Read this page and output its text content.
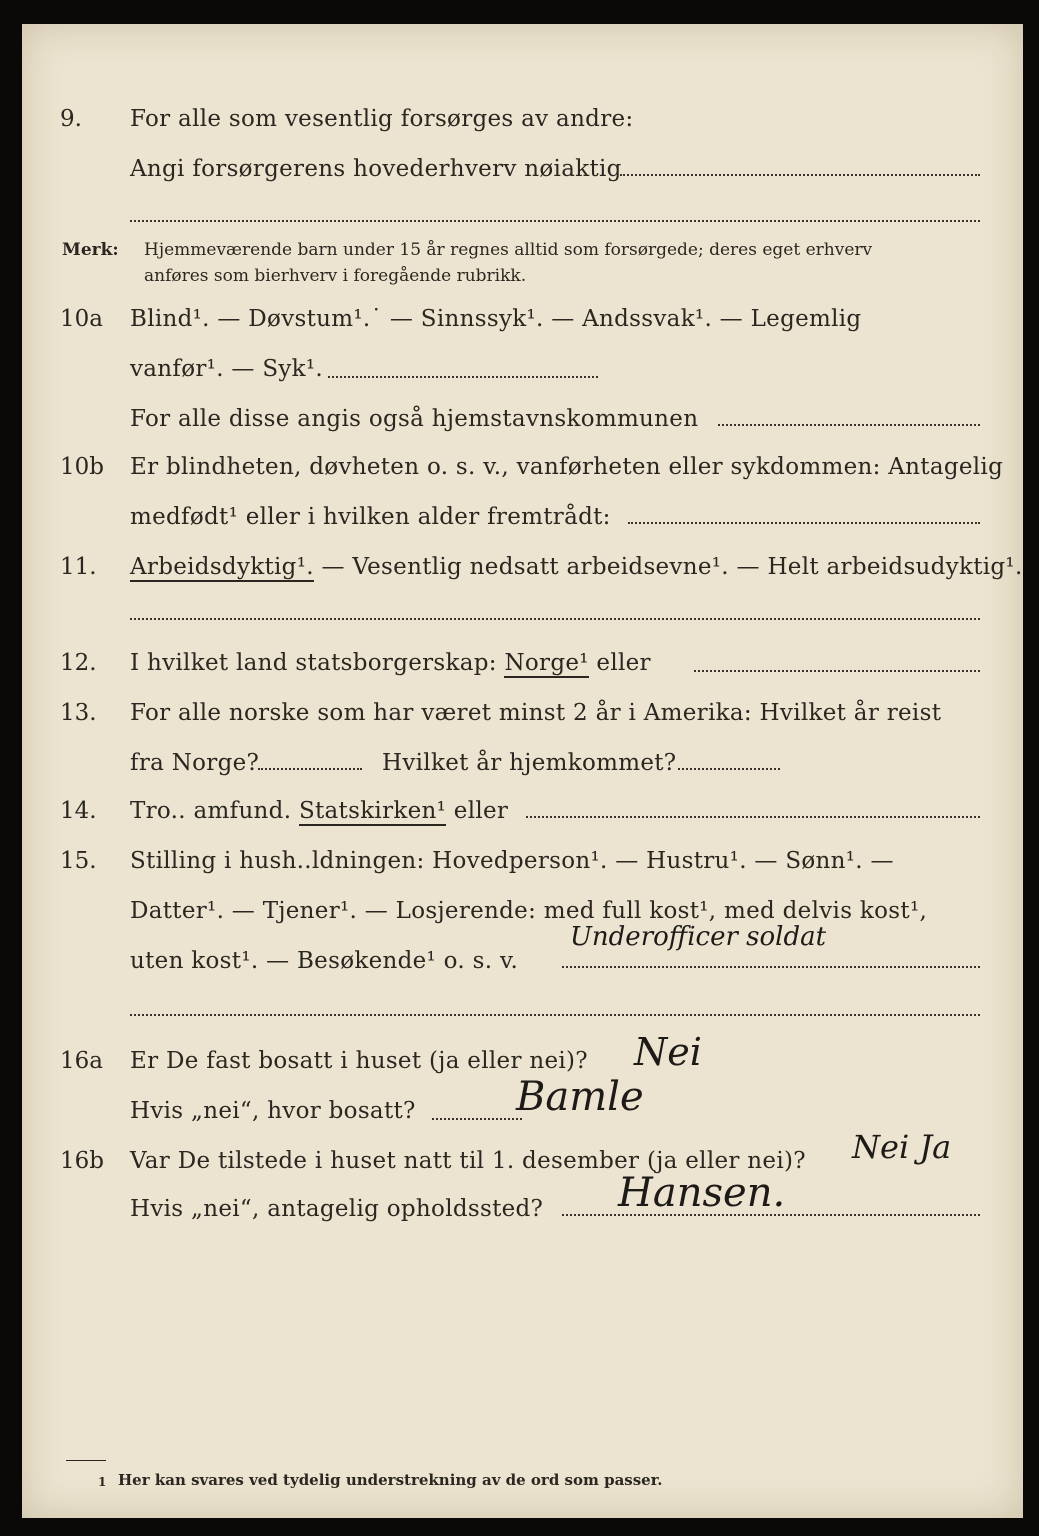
9. For alle som vesentlig forsørges av andre:
Angi forsørgerens hovederhverv nøiaktig
Merk: Hjemmeværende barn under 15 år regnes alltid som forsørgede; deres eget erhverv
anføres som bierhverv i foregående rubrikk.
10a Blind¹. — Døvstum¹.˙ — Sinnssyk¹. — Andssvak¹. — Legemlig
vanfør¹. — Syk¹.
For alle disse angis også hjemstavnskommunen
10b Er blindheten, døvheten o. s. v., vanførheten eller sykdommen: Antagelig
medfødt¹ eller i hvilken alder fremtrådt:
11. Arbeidsdyktig¹. — Vesentlig nedsatt arbeidsevne¹. — Helt arbeidsudyktig¹.
12. I hvilket land statsborgerskap: Norge¹ eller
13. For alle norske som har været minst 2 år i Amerika: Hvilket år reist
fra Norge?	Hvilket år hjemkommet?
14. Tro.. amfund. Statskirken¹ eller
15. Stilling i hush..ldningen: Hovedperson¹. — Hustru¹. — Sønn¹. —
Datter¹. — Tjener¹. — Losjerende: med full kost¹, med delvis kost¹,
uten kost¹. — Besøkende¹ o. s. v.
Underofficer soldat
16a Er De fast bosatt i huset (ja eller nei)? Nei
Hvis „nei“, hvor bosatt?	Bamle
16b Var De tilstede i huset natt til 1. desember (ja eller nei)? Nei Ja
Hvis „nei“, antagelig opholdssted? Hansen.
1 Her kan svares ved tydelig understrekning av de ord som passer.
